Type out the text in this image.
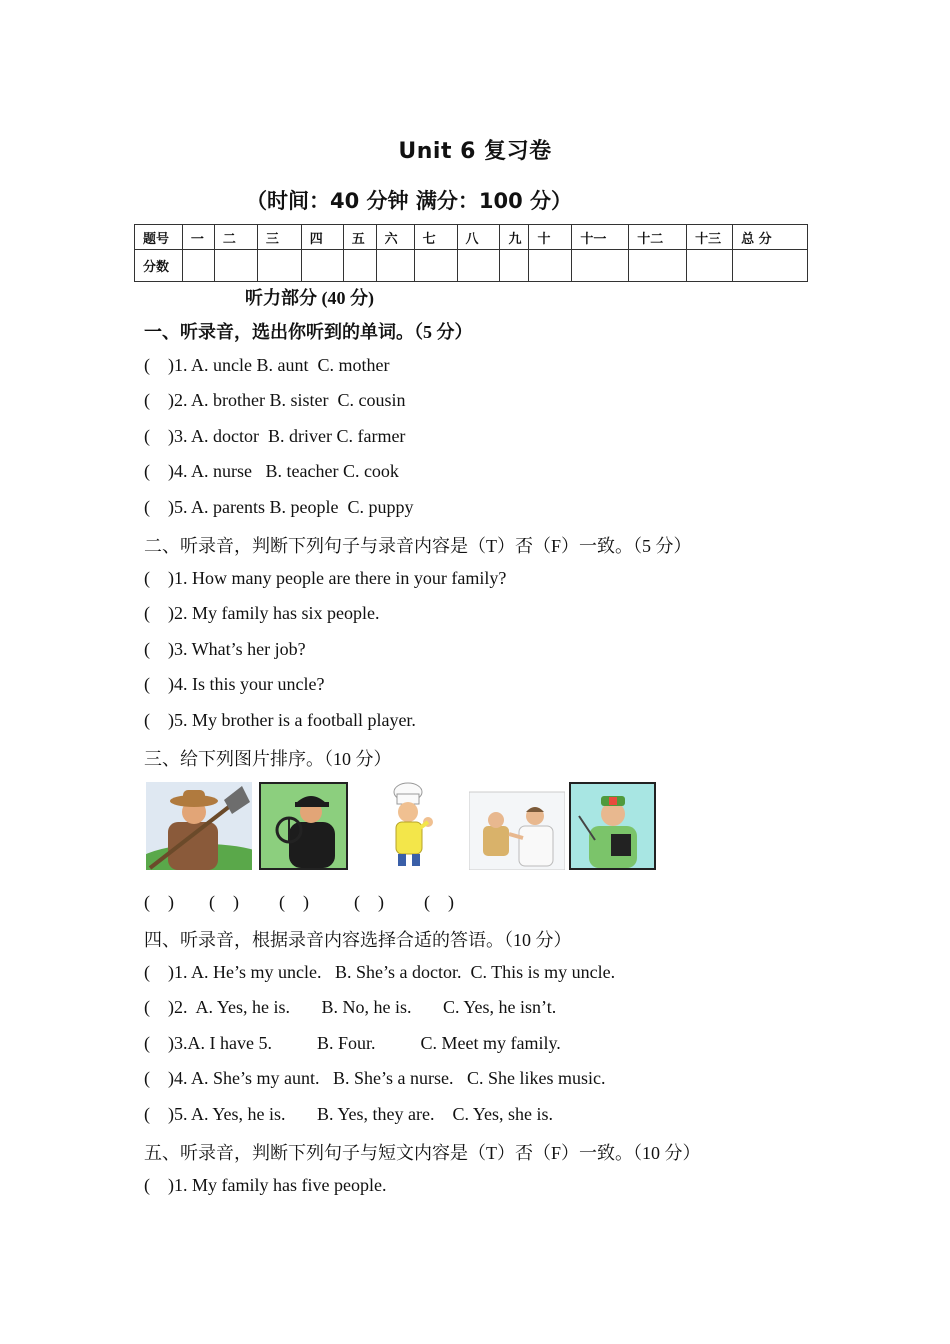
Unit 6 复习卷
（时间：40 分钟 满分：100 分）
题号	一	二	三	四	五	六	七	八	九	十	十一	十二	十三	总 分
分数														
听力部分 (40 分)
一、听录音，选出你听到的单词。（5 分）
(    )1. A. uncle B. aunt  C. mother
(    )2. A. brother B. sister  C. cousin
(    )3. A. doctor  B. driver C. farmer
(    )4. A. nurse   B. teacher C. cook
(    )5. A. parents B. people  C. puppy
二、听录音，判断下列句子与录音内容是（T）否（F）一致。（5 分）
(    )1. How many people are there in your family?
(    )2. My family has six people.
(    )3. What’s her job?
(    )4. Is this your uncle?
(    )5. My brother is a football player.
三、给下列图片排序。（10 分）
(    ) (    ) (    )	(    ) (    )
四、听录音，根据录音内容选择合适的答语。（10 分）
(    )1. A. He’s my uncle.   B. She’s a doctor.  C. This is my uncle.
(    )2.  A. Yes, he is.       B. No, he is.       C. Yes, he isn’t.
(    )3.A. I have 5.          B. Four.          C. Meet my family.
(    )4. A. She’s my aunt.   B. She’s a nurse.   C. She likes music.
(    )5. A. Yes, he is.       B. Yes, they are.    C. Yes, she is.
五、听录音，判断下列句子与短文内容是（T）否（F）一致。（10 分）
(    )1. My family has five people.
